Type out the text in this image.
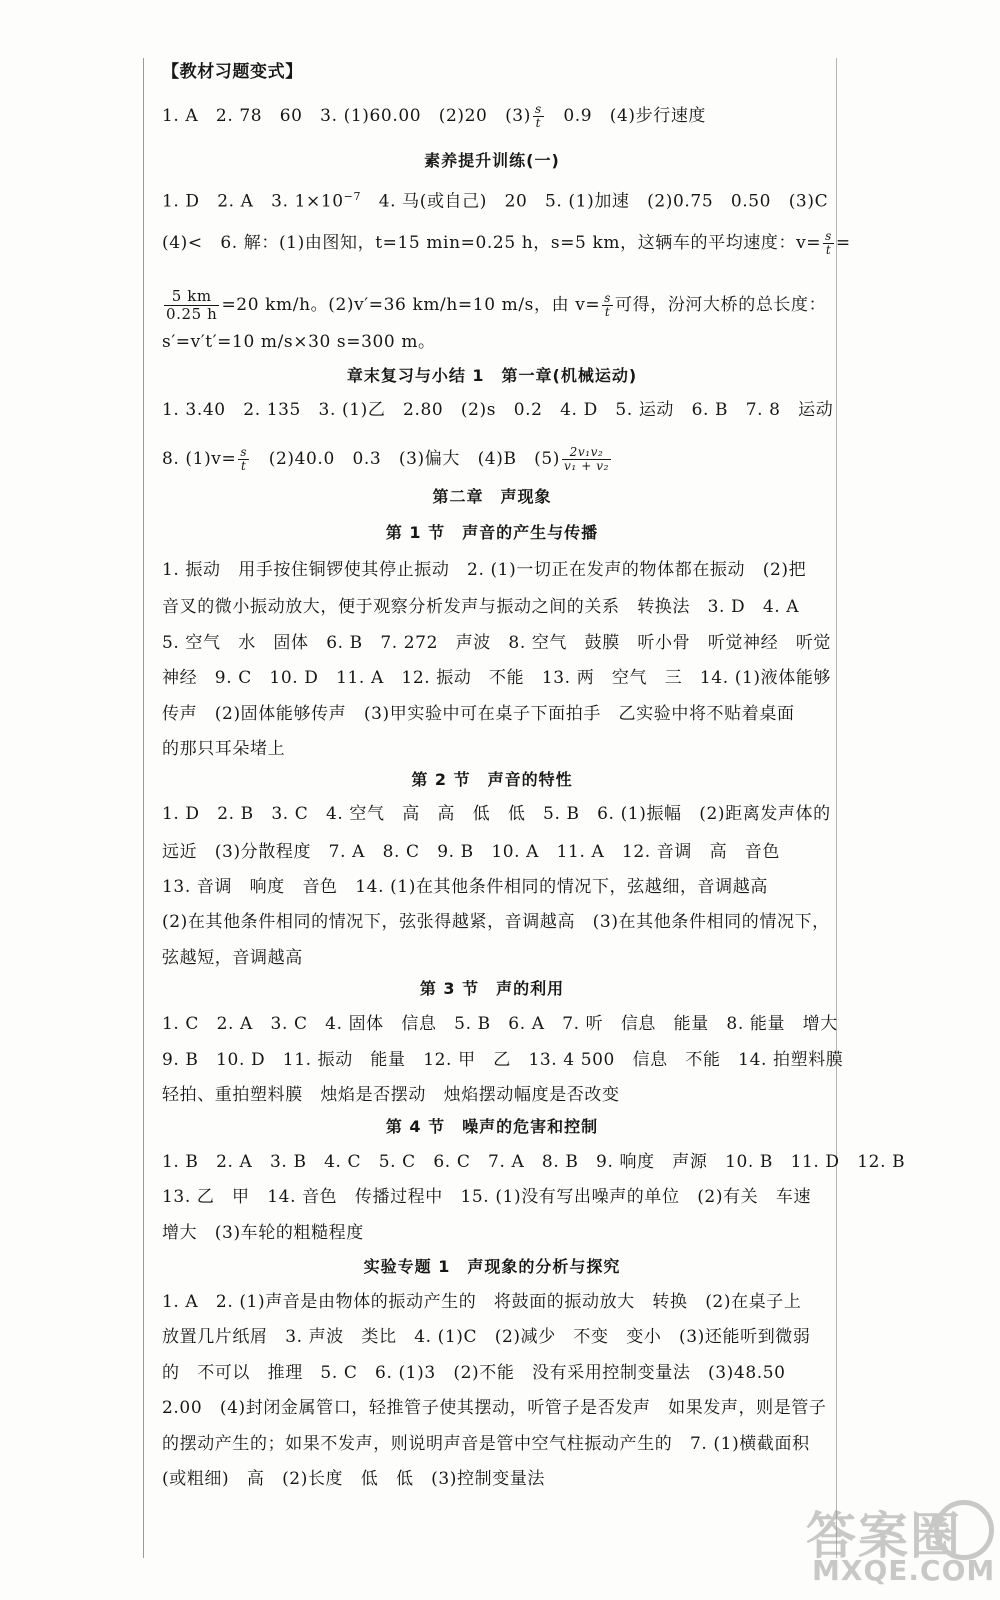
【教材习题变式】
1. A　2. 78　60　3. (1)60.00　(2)20　$(3) \frac{s}{t}$ 　0.9　(4)步行速度
素养提升训练(一)
1. D　2. A　3. $1\times 10^{-7}$　4. 马(或自己)　20　5. (1)加速　(2)0.75　0.50　(3)C
(4)<　6. 解：(1)由图知，t=15 min=0.25 h，s=5 km，这辆车的平均速度：$v= \frac{s}{t}$ =
$\frac{5 km}{0.25 h} =20$ km/h。(2)v′=36 km/h=10 m/s，由 $v= \frac{s}{t}$ 可得，汾河大桥的总长度：
s′=v′t′=10 m/s×30 s=300 m。
章末复习与小结 1　第一章(机械运动)
1. 3.40　2. 135　3. (1)乙　2.80　(2)s　0.2　4. D　5. 运动　6. B　7. 8　运动
8. $(1)v= \frac{s}{t}$ 　(2)40.0　0.3　(3)偏大　(4)B　$(5) \frac{\text{2v₁v₂}}{\text{v₁ + v₂}}$
第二章　声现象
第 1 节　声音的产生与传播
1. 振动　用手按住铜锣使其停止振动　2. (1)一切正在发声的物体都在振动　(2)把
音叉的微小振动放大，便于观察分析发声与振动之间的关系　转换法　3. D　4. A
5. 空气　水　固体　6. B　7. 272　声波　8. 空气　鼓膜　听小骨　听觉神经　听觉
神经　9. C　10. D　11. A　12. 振动　不能　13. 两　空气　三　14. (1)液体能够
传声　(2)固体能够传声　(3)甲实验中可在桌子下面拍手　乙实验中将不贴着桌面
的那只耳朵堵上
第 2 节　声音的特性
1. D　2. B　3. C　4. 空气　高　高　低　低　5. B　6. (1)振幅　(2)距离发声体的
远近　(3)分散程度　7. A　8. C　9. B　10. A　11. A　12. 音调　高　音色
13. 音调　响度　音色　14. (1)在其他条件相同的情况下，弦越细，音调越高
(2)在其他条件相同的情况下，弦张得越紧，音调越高　(3)在其他条件相同的情况下，
弦越短，音调越高
第 3 节　声的利用
1. C　2. A　3. C　4. 固体　信息　5. B　6. A　7. 听　信息　能量　8. 能量　增大
9. B　10. D　11. 振动　能量　12. 甲　乙　13. 4 500　信息　不能　14. 拍塑料膜
轻拍、重拍塑料膜　烛焰是否摆动　烛焰摆动幅度是否改变
第 4 节　噪声的危害和控制
1. B　2. A　3. B　4. C　5. C　6. C　7. A　8. B　9. 响度　声源　10. B　11. D　12. B
13. 乙　甲　14. 音色　传播过程中　15. (1)没有写出噪声的单位　(2)有关　车速
增大　(3)车轮的粗糙程度
实验专题 1　声现象的分析与探究
1. A　2. (1)声音是由物体的振动产生的　将鼓面的振动放大　转换　(2)在桌子上
放置几片纸屑　3. 声波　类比　4. (1)C　(2)减少　不变　变小　(3)还能听到微弱
的　不可以　推理　5. C　6. (1)3　(2)不能　没有采用控制变量法　(3)48.50
2.00　(4)封闭金属管口，轻推管子使其摆动，听管子是否发声　如果发声，则是管子
的摆动产生的；如果不发声，则说明声音是管中空气柱振动产生的　7. (1)横截面积
(或粗细)　高　(2)长度　低　低　(3)控制变量法
答案圈
MXQE.COM
